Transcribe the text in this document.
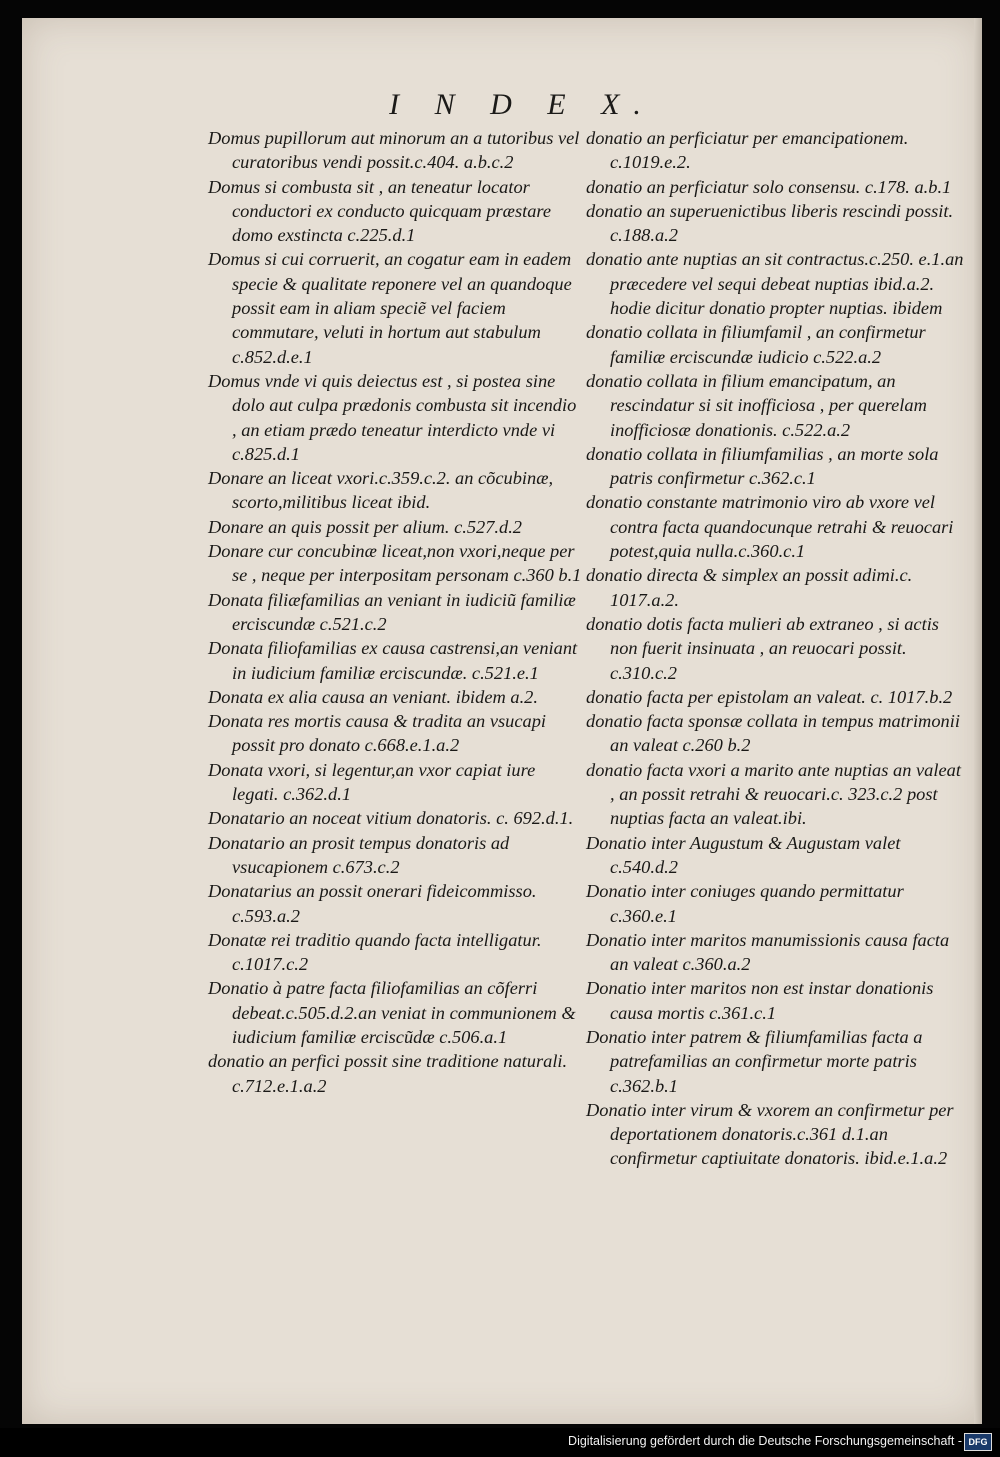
I N D E X.

Domus pupillorum aut minorum an a tutoribus vel curatoribus vendi possit.c.404. a.b.c.2

Domus si combusta sit , an teneatur locator conductori ex conducto quicquam præstare domo exstincta c.225.d.1

Domus si cui corruerit, an cogatur eam in eadem specie & qualitate reponere vel an quandoque possit eam in aliam speciẽ vel faciem commutare, veluti in hortum aut stabulum c.852.d.e.1

Domus vnde vi quis deiectus est , si postea sine dolo aut culpa prædonis combusta sit incendio , an etiam prædo teneatur interdicto vnde vi c.825.d.1

Donare an liceat vxori.c.359.c.2. an cõcubinæ, scorto,militibus liceat ibid.

Donare an quis possit per alium. c.527.d.2

Donare cur concubinæ liceat,non vxori,neque per se , neque per interpositam personam c.360 b.1

Donata filiæfamilias an veniant in iudiciũ familiæ erciscundæ c.521.c.2

Donata filiofamilias ex causa castrensi,an veniant in iudicium familiæ erciscundæ. c.521.e.1

Donata ex alia causa an veniant. ibidem a.2.

Donata res mortis causa & tradita an vsucapi possit pro donato c.668.e.1.a.2

Donata vxori, si legentur,an vxor capiat iure legati. c.362.d.1

Donatario an noceat vitium donatoris. c. 692.d.1.

Donatario an prosit tempus donatoris ad vsucapionem c.673.c.2

Donatarius an possit onerari fideicommisso. c.593.a.2

Donatæ rei traditio quando facta intelligatur. c.1017.c.2

Donatio à patre facta filiofamilias an cõferri debeat.c.505.d.2.an veniat in communionem & iudicium familiæ erciscũdæ c.506.a.1

donatio an perfici possit sine traditione naturali. c.712.e.1.a.2

donatio an perficiatur per emancipationem. c.1019.e.2.

donatio an perficiatur solo consensu. c.178. a.b.1

donatio an superuenictibus liberis rescindi possit. c.188.a.2

donatio ante nuptias an sit contractus.c.250. e.1.an præcedere vel sequi debeat nuptias ibid.a.2. hodie dicitur donatio propter nuptias. ibidem

donatio collata in filiumfamil , an confirmetur familiæ erciscundæ iudicio c.522.a.2

donatio collata in filium emancipatum, an rescindatur si sit inofficiosa , per querelam inofficiosæ donationis. c.522.a.2

donatio collata in filiumfamilias , an morte sola patris confirmetur c.362.c.1

donatio constante matrimonio viro ab vxore vel contra facta quandocunque retrahi & reuocari potest,quia nulla.c.360.c.1

donatio directa & simplex an possit adimi.c. 1017.a.2.

donatio dotis facta mulieri ab extraneo , si actis non fuerit insinuata , an reuocari possit. c.310.c.2

donatio facta per epistolam an valeat. c. 1017.b.2

donatio facta sponsæ collata in tempus matrimonii an valeat c.260 b.2

donatio facta vxori a marito ante nuptias an valeat , an possit retrahi & reuocari.c. 323.c.2 post nuptias facta an valeat.ibi.

Donatio inter Augustum & Augustam valet c.540.d.2

Donatio inter coniuges quando permittatur c.360.e.1

Donatio inter maritos manumissionis causa facta an valeat c.360.a.2

Donatio inter maritos non est instar donationis causa mortis c.361.c.1

Donatio inter patrem & filiumfamilias facta a patrefamilias an confirmetur morte patris c.362.b.1

Donatio inter virum & vxorem an confirmetur per deportationem donatoris.c.361 d.1.an confirmetur captiuitate donatoris. ibid.e.1.a.2

Digitalisierung gefördert durch die Deutsche Forschungsgemeinschaft - DFG
